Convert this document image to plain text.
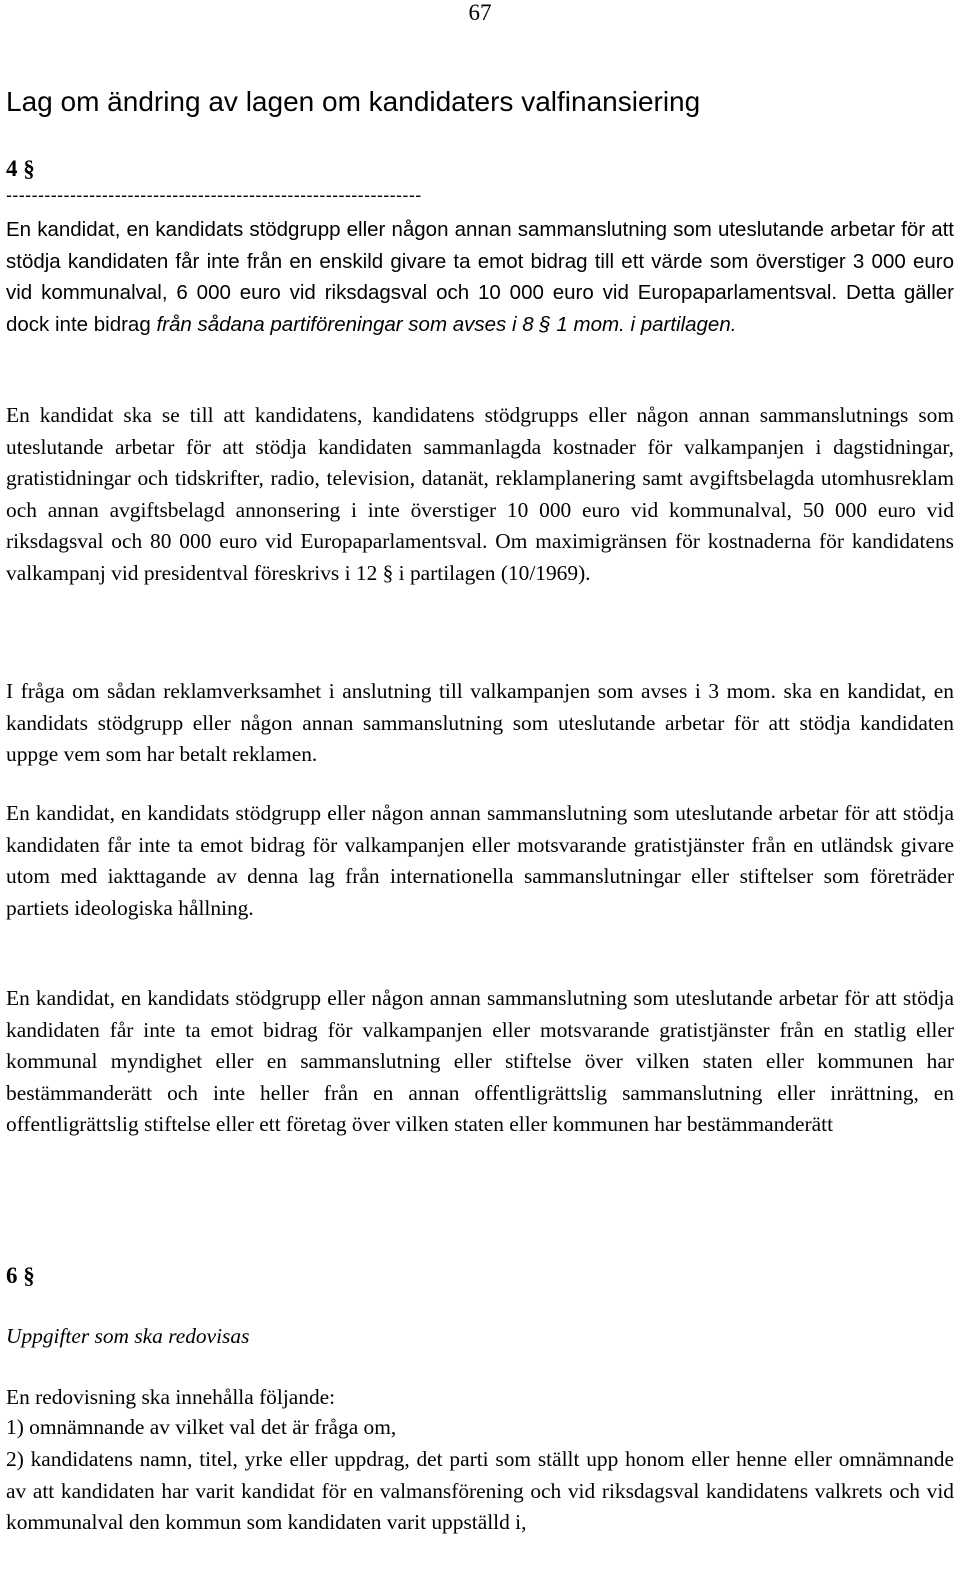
67
Lag om ändring av lagen om kandidaters valfinansiering
4 §
-----------------------------------------------------------------

En kandidat, en kandidats stödgrupp eller någon annan sammanslutning som uteslutande arbetar för att stödja kandidaten får inte från en enskild givare ta emot bidrag till ett värde som överstiger 3 000 euro vid kommunalval, 6 000 euro vid riksdagsval och 10 000 euro vid Europaparlamentsval. Detta gäller dock inte bidrag från sådana partiföreningar som avses i 8 § 1 mom. i partilagen.

En kandidat ska se till att kandidatens, kandidatens stödgrupps eller någon annan sammanslutnings som uteslutande arbetar för att stödja kandidaten sammanlagda kostnader för valkampanjen i dagstidningar, gratistidningar och tidskrifter, radio, television, datanät, reklamplanering samt avgiftsbelagda utomhusreklam och annan avgiftsbelagd annonsering i inte överstiger 10 000 euro vid kommunalval, 50 000 euro vid riksdagsval och 80 000 euro vid Europaparlamentsval. Om maximigränsen för kostnaderna för kandidatens valkampanj vid presidentval föreskrivs i 12 § i partilagen (10/1969).

I fråga om sådan reklamverksamhet i anslutning till valkampanjen som avses i 3 mom. ska en kandidat, en kandidats stödgrupp eller någon annan sammanslutning som uteslutande arbetar för att stödja kandidaten uppge vem som har betalt reklamen.

En kandidat, en kandidats stödgrupp eller någon annan sammanslutning som uteslutande arbetar för att stödja kandidaten får inte ta emot bidrag för valkampanjen eller motsvarande gratistjänster från en utländsk givare utom med iakttagande av denna lag från internationella sammanslutningar eller stiftelser som företräder partiets ideologiska hållning.

En kandidat, en kandidats stödgrupp eller någon annan sammanslutning som uteslutande arbetar för att stödja kandidaten får inte ta emot bidrag för valkampanjen eller motsvarande gratistjänster från en statlig eller kommunal myndighet eller en sammanslutning eller stiftelse över vilken staten eller kommunen har bestämmanderätt och inte heller från en annan offentligrättslig sammanslutning eller inrättning, en offentligrättslig stiftelse eller ett företag över vilken staten eller kommunen har bestämmanderätt

6 §

Uppgifter som ska redovisas

En redovisning ska innehålla följande:

1) omnämnande av vilket val det är fråga om,

2) kandidatens namn, titel, yrke eller uppdrag, det parti som ställt upp honom eller henne eller omnämnande av att kandidaten har varit kandidat för en valmansförening och vid riksdagsval kandidatens valkrets och vid kommunalval den kommun som kandidaten varit uppställd i,
